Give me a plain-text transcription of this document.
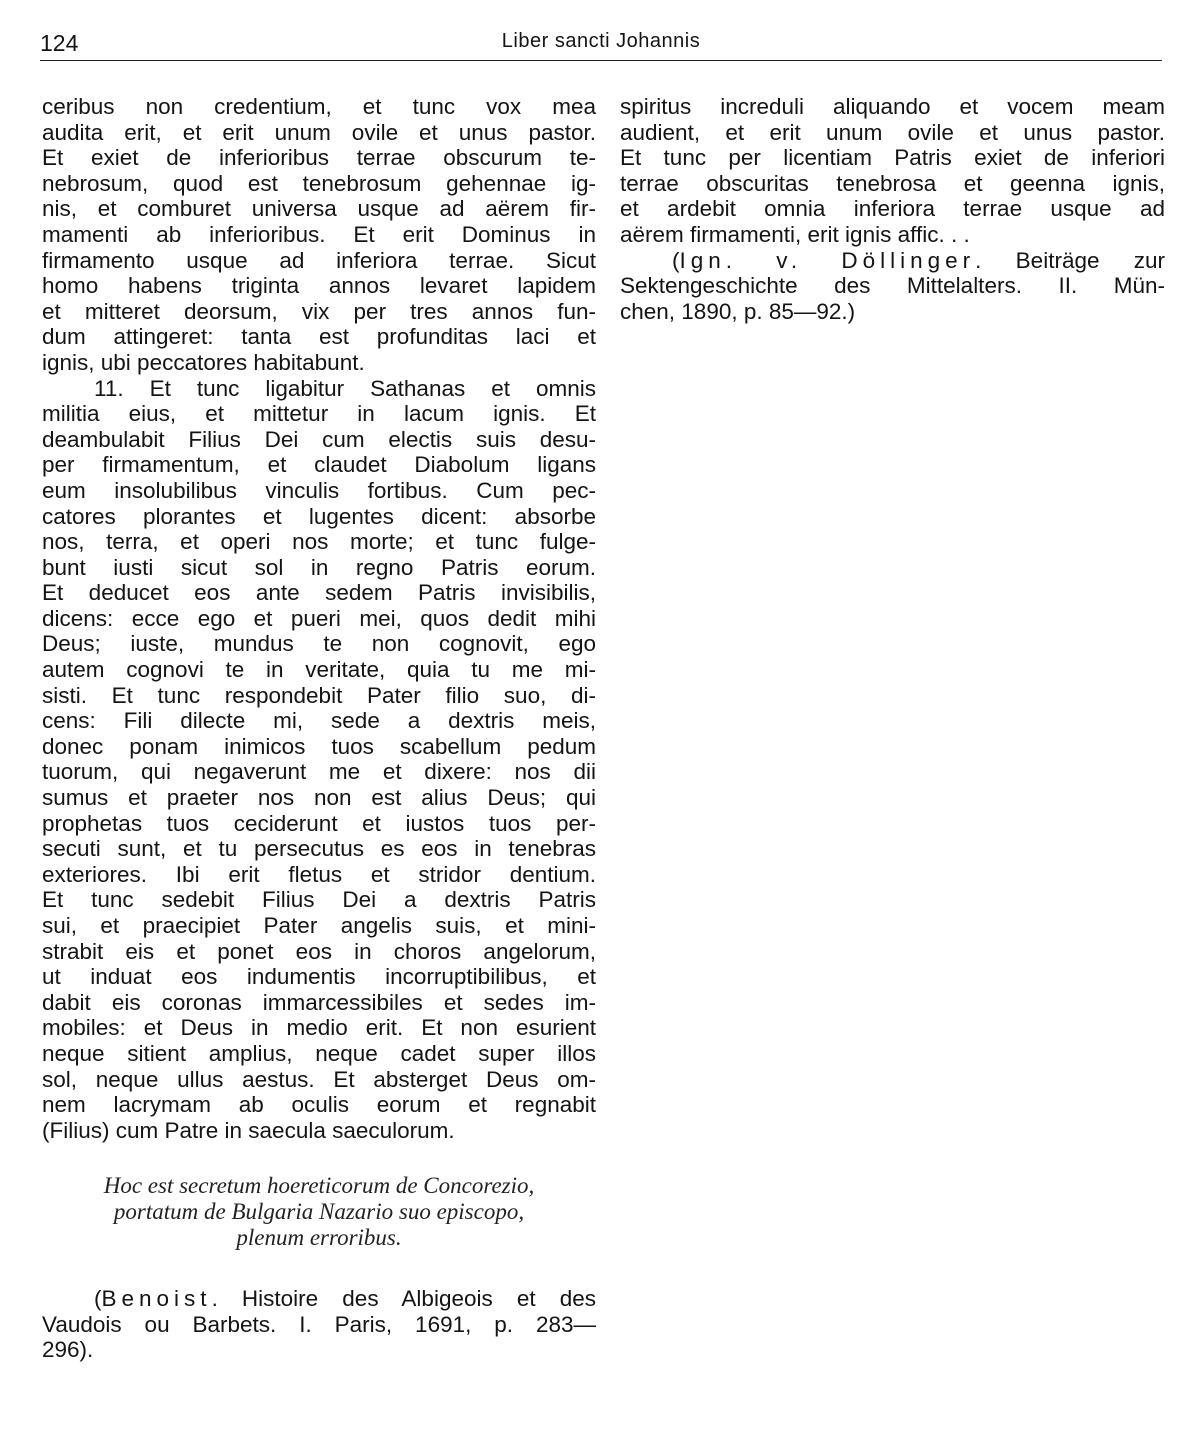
124	Liber sancti Johannis
ceribus non credentium, et tunc vox mea
audita erit, et erit unum ovile et unus pastor.
Et exiet de inferioribus terrae obscurum te-
nebrosum, quod est tenebrosum gehennae ig-
nis, et comburet universa usque ad aërem fir-
mamenti ab inferioribus. Et erit Dominus in
firmamento usque ad inferiora terrae. Sicut
homo habens triginta annos levaret lapidem
et mitteret deorsum, vix per tres annos fun-
dum attingeret: tanta est profunditas laci et
ignis, ubi peccatores habitabunt.
11. Et tunc ligabitur Sathanas et omnis
militia eius, et mittetur in lacum ignis. Et
deambulabit Filius Dei cum electis suis desu-
per firmamentum, et claudet Diabolum ligans
eum insolubilibus vinculis fortibus. Cum pec-
catores plorantes et lugentes dicent: absorbe
nos, terra, et operi nos morte; et tunc fulge-
bunt iusti sicut sol in regno Patris eorum.
Et deducet eos ante sedem Patris invisibilis,
dicens: ecce ego et pueri mei, quos dedit mihi
Deus; iuste, mundus te non cognovit, ego
autem cognovi te in veritate, quia tu me mi-
sisti. Et tunc respondebit Pater filio suo, di-
cens: Fili dilecte mi, sede a dextris meis,
donec ponam inimicos tuos scabellum pedum
tuorum, qui negaverunt me et dixere: nos dii
sumus et praeter nos non est alius Deus; qui
prophetas tuos ceciderunt et iustos tuos per-
secuti sunt, et tu persecutus es eos in tenebras
exteriores. Ibi erit fletus et stridor dentium.
Et tunc sedebit Filius Dei a dextris Patris
sui, et praecipiet Pater angelis suis, et mini-
strabit eis et ponet eos in choros angelorum,
ut induat eos indumentis incorruptibilibus, et
dabit eis coronas immarcessibiles et sedes im-
mobiles: et Deus in medio erit. Et non esurient
neque sitient amplius, neque cadet super illos
sol, neque ullus aestus. Et absterget Deus om-
nem lacrymam ab oculis eorum et regnabit
(Filius) cum Patre in saecula saeculorum.
Hoc est secretum hoereticorum de Concorezio,
portatum de Bulgaria Nazario suo episcopo,
plenum erroribus.
(Benoist. Histoire des Albigeois et des
Vaudois ou Barbets. I. Paris, 1691, p. 283—
296).
spiritus increduli aliquando et vocem meam
audient, et erit unum ovile et unus pastor.
Et tunc per licentiam Patris exiet de inferiori
terrae obscuritas tenebrosa et geenna ignis,
et ardebit omnia inferiora terrae usque ad
aërem firmamenti, erit ignis affic. . .
(Ign. v. Döllinger. Beiträge zur
Sektengeschichte des Mittelalters. II. Mün-
chen, 1890, p. 85—92.)
